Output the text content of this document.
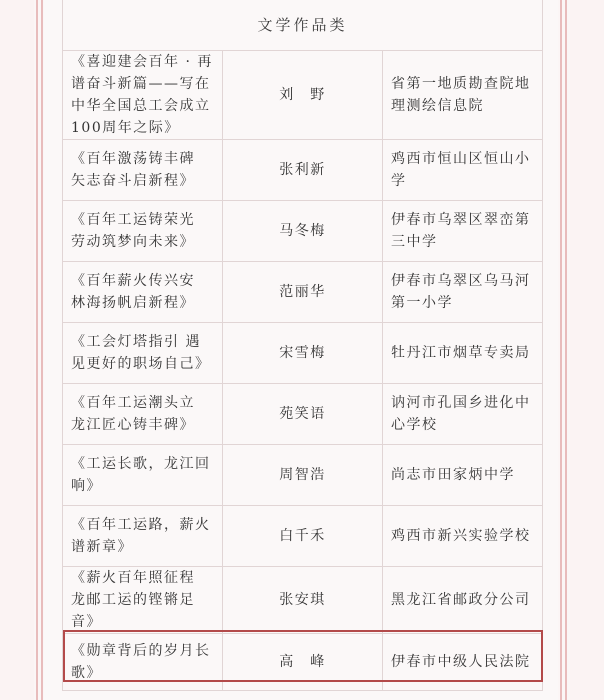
文学作品类		
《喜迎建会百年 · 再谱奋斗新篇——写在中华全国总工会成立100周年之际》	刘　野	省第一地质勘查院地理测绘信息院
《百年激荡铸丰碑 矢志奋斗启新程》	张利新	鸡西市恒山区恒山小学
《百年工运铸荣光 劳动筑梦向未来》	马冬梅	伊春市乌翠区翠峦第三中学
《百年薪火传兴安 林海扬帆启新程》	范丽华	伊春市乌翠区乌马河第一小学
《工会灯塔指引 遇见更好的职场自己》	宋雪梅	牡丹江市烟草专卖局
《百年工运潮头立 龙江匠心铸丰碑》	苑笑语	讷河市孔国乡进化中心学校
《工运长歌，龙江回响》	周智浩	尚志市田家炳中学
《百年工运路，薪火谱新章》	白千禾	鸡西市新兴实验学校
《薪火百年照征程 龙邮工运的铿锵足音》	张安琪	黑龙江省邮政分公司
《勋章背后的岁月长歌》	高　峰	伊春市中级人民法院
